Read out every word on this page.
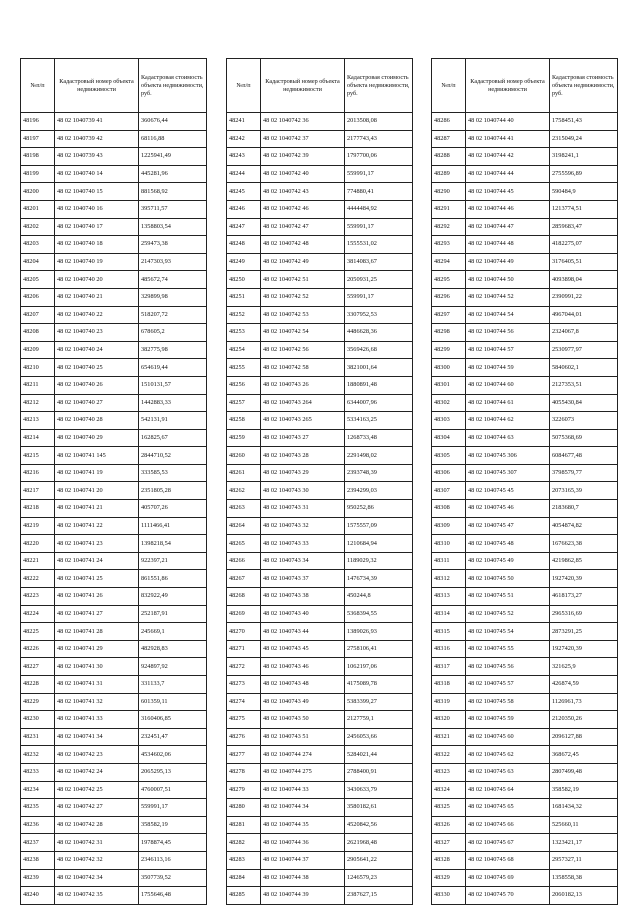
№п/п	Кадастровый номер объекта недвижимости	Кадастровая стоимость объекта недвижимости, руб.
48196	48 02 1040739 41	360676,44
48197	48 02 1040739 42	68116,88
48198	48 02 1040739 43	1225941,49
48199	48 02 1040740 14	445281,96
48200	48 02 1040740 15	881568,92
48201	48 02 1040740 16	395711,57
48202	48 02 1040740 17	1358803,54
48203	48 02 1040740 18	259473,38
48204	48 02 1040740 19	2147303,93
48205	48 02 1040740 20	485672,74
48206	48 02 1040740 21	329899,98
48207	48 02 1040740 22	518207,72
48208	48 02 1040740 23	678605,2
48209	48 02 1040740 24	382775,98
48210	48 02 1040740 25	654619,44
48211	48 02 1040740 26	1510131,57
48212	48 02 1040740 27	1442883,33
48213	48 02 1040740 28	542131,91
48214	48 02 1040740 29	162825,67
48215	48 02 1040741 145	2844710,52
48216	48 02 1040741 19	333585,53
48217	48 02 1040741 20	2351805,28
48218	48 02 1040741 21	405707,26
48219	48 02 1040741 22	1111466,41
48220	48 02 1040741 23	1398218,54
48221	48 02 1040741 24	922397,21
48222	48 02 1040741 25	861551,86
48223	48 02 1040741 26	832922,49
48224	48 02 1040741 27	252187,91
48225	48 02 1040741 28	245669,1
48226	48 02 1040741 29	482928,83
48227	48 02 1040741 30	924897,92
48228	48 02 1040741 31	331133,7
48229	48 02 1040741 32	601359,11
48230	48 02 1040741 33	3160406,85
48231	48 02 1040741 34	232451,47
48232	48 02 1040742 23	4534602,06
48233	48 02 1040742 24	2065295,13
48234	48 02 1040742 25	4760007,51
48235	48 02 1040742 27	559991,17
48236	48 02 1040742 28	358582,19
48237	48 02 1040742 31	1978874,45
48238	48 02 1040742 32	2346113,16
48239	48 02 1040742 34	3507739,52
48240	48 02 1040742 35	1755646,48
№п/п	Кадастровый номер объекта недвижимости	Кадастровая стоимость объекта недвижимости, руб.
48241	48 02 1040742 36	2013508,08
48242	48 02 1040742 37	2177743,43
48243	48 02 1040742 39	1797700,06
48244	48 02 1040742 40	559991,17
48245	48 02 1040742 43	774880,41
48246	48 02 1040742 46	4444484,92
48247	48 02 1040742 47	559991,17
48248	48 02 1040742 48	1555531,02
48249	48 02 1040742 49	3814083,67
48250	48 02 1040742 51	2050931,25
48251	48 02 1040742 52	559991,17
48252	48 02 1040742 53	3307952,53
48253	48 02 1040742 54	4486628,36
48254	48 02 1040742 56	3569426,68
48255	48 02 1040742 58	3821001,64
48256	48 02 1040743 26	1880891,48
48257	48 02 1040743 264	6344007,96
48258	48 02 1040743 265	5334163,25
48259	48 02 1040743 27	1268733,48
48260	48 02 1040743 28	2291498,02
48261	48 02 1040743 29	2393748,39
48262	48 02 1040743 30	2394299,03
48263	48 02 1040743 31	950252,86
48264	48 02 1040743 32	1575557,09
48265	48 02 1040743 33	1210684,94
48266	48 02 1040743 34	1189029,32
48267	48 02 1040743 37	1476734,39
48268	48 02 1040743 38	450244,8
48269	48 02 1040743 40	5368394,55
48270	48 02 1040743 44	1389026,93
48271	48 02 1040743 45	2758106,41
48272	48 02 1040743 46	1062197,06
48273	48 02 1040743 48	4175089,78
48274	48 02 1040743 49	5383399,27
48275	48 02 1040743 50	2127759,1
48276	48 02 1040743 51	2456053,66
48277	48 02 1040744 274	5284021,44
48278	48 02 1040744 275	2788400,91
48279	48 02 1040744 33	3430633,79
48280	48 02 1040744 34	3580182,61
48281	48 02 1040744 35	4520842,56
48282	48 02 1040744 36	2621968,48
48283	48 02 1040744 37	2905641,22
48284	48 02 1040744 38	1246579,23
48285	48 02 1040744 39	2387627,15
№п/п	Кадастровый номер объекта недвижимости	Кадастровая стоимость объекта недвижимости, руб.
48286	48 02 1040744 40	1758451,43
48287	48 02 1040744 41	2315049,24
48288	48 02 1040744 42	3198241,1
48289	48 02 1040744 44	2755596,89
48290	48 02 1040744 45	590484,9
48291	48 02 1040744 46	1213774,51
48292	48 02 1040744 47	2859683,47
48293	48 02 1040744 48	4182275,07
48294	48 02 1040744 49	3176405,51
48295	48 02 1040744 50	4093898,04
48296	48 02 1040744 52	2390991,22
48297	48 02 1040744 54	4967044,01
48298	48 02 1040744 56	2324067,8
48299	48 02 1040744 57	2530977,97
48300	48 02 1040744 59	5840602,1
48301	48 02 1040744 60	2127353,51
48302	48 02 1040744 61	4055430,84
48303	48 02 1040744 62	3226073
48304	48 02 1040744 63	5075368,69
48305	48 02 1040745 306	6084677,48
48306	48 02 1040745 307	3798579,77
48307	48 02 1040745 45	2073165,39
48308	48 02 1040745 46	2183680,7
48309	48 02 1040745 47	4054874,82
48310	48 02 1040745 48	1676623,38
48311	48 02 1040745 49	4219862,85
48312	48 02 1040745 50	1927420,39
48313	48 02 1040745 51	4618173,27
48314	48 02 1040745 52	2965316,69
48315	48 02 1040745 54	2873291,25
48316	48 02 1040745 55	1927420,39
48317	48 02 1040745 56	321625,9
48318	48 02 1040745 57	426874,59
48319	48 02 1040745 58	1126961,73
48320	48 02 1040745 59	2120350,26
48321	48 02 1040745 60	2096127,88
48322	48 02 1040745 62	368672,45
48323	48 02 1040745 63	2807499,48
48324	48 02 1040745 64	358582,19
48325	48 02 1040745 65	1681434,32
48326	48 02 1040745 66	525660,11
48327	48 02 1040745 67	1323421,17
48328	48 02 1040745 68	2957327,11
48329	48 02 1040745 69	1358558,38
48330	48 02 1040745 70	2060182,13
